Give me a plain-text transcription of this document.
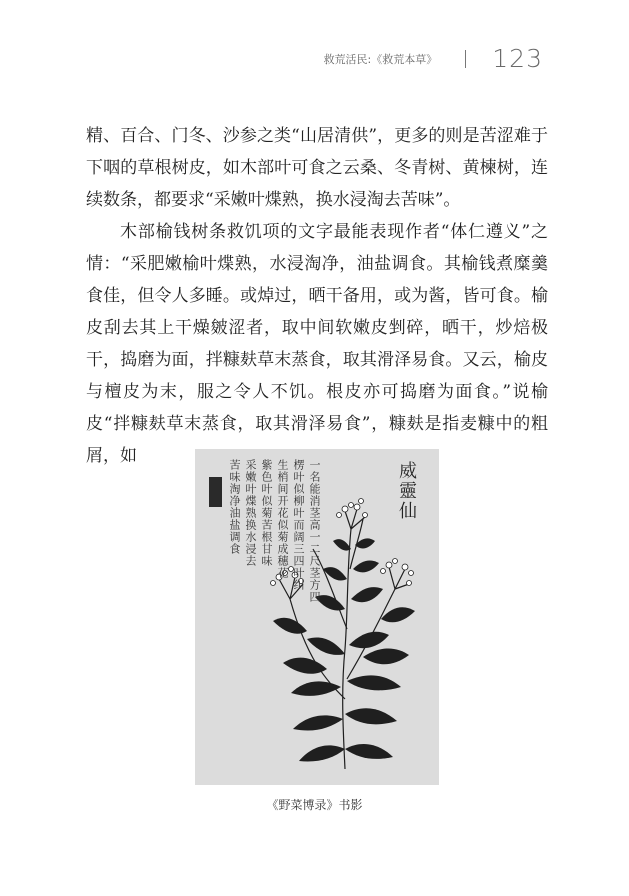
救荒活民:《救荒本草》 123

精、百合、门冬、沙参之类“山居清供”，更多的则是苦涩难于下咽的草根树皮，如木部叶可食之云桑、冬青树、黄楝树，连续数条，都要求“采嫩叶煠熟，换水浸淘去苦味”。

木部榆钱树条救饥项的文字最能表现作者“体仁遵义”之情：“采肥嫩榆叶煠熟，水浸淘净，油盐调食。其榆钱煮糜羹食佳，但令人多睡。或焯过，晒干备用，或为酱，皆可食。榆皮刮去其上干燥皴涩者，取中间软嫩皮剉碎，晒干，炒焙极干，捣磨为面，拌糠麸草末蒸食，取其滑泽易食。又云，榆皮与檀皮为末，服之令人不饥。根皮亦可捣磨为面食。”说榆皮“拌糠麸草末蒸食，取其滑泽易食”，糠麸是指麦糠中的粗屑，如

苦味淘净油盐调食 采嫩叶煠熟换水浸去 紫色叶似菊苦根甘味 生梢间开花似菊成穗花 楞叶似柳叶而阔三四叶纠 一名能消茎高一二尺茎方四	威靈仙
《野菜博录》书影
